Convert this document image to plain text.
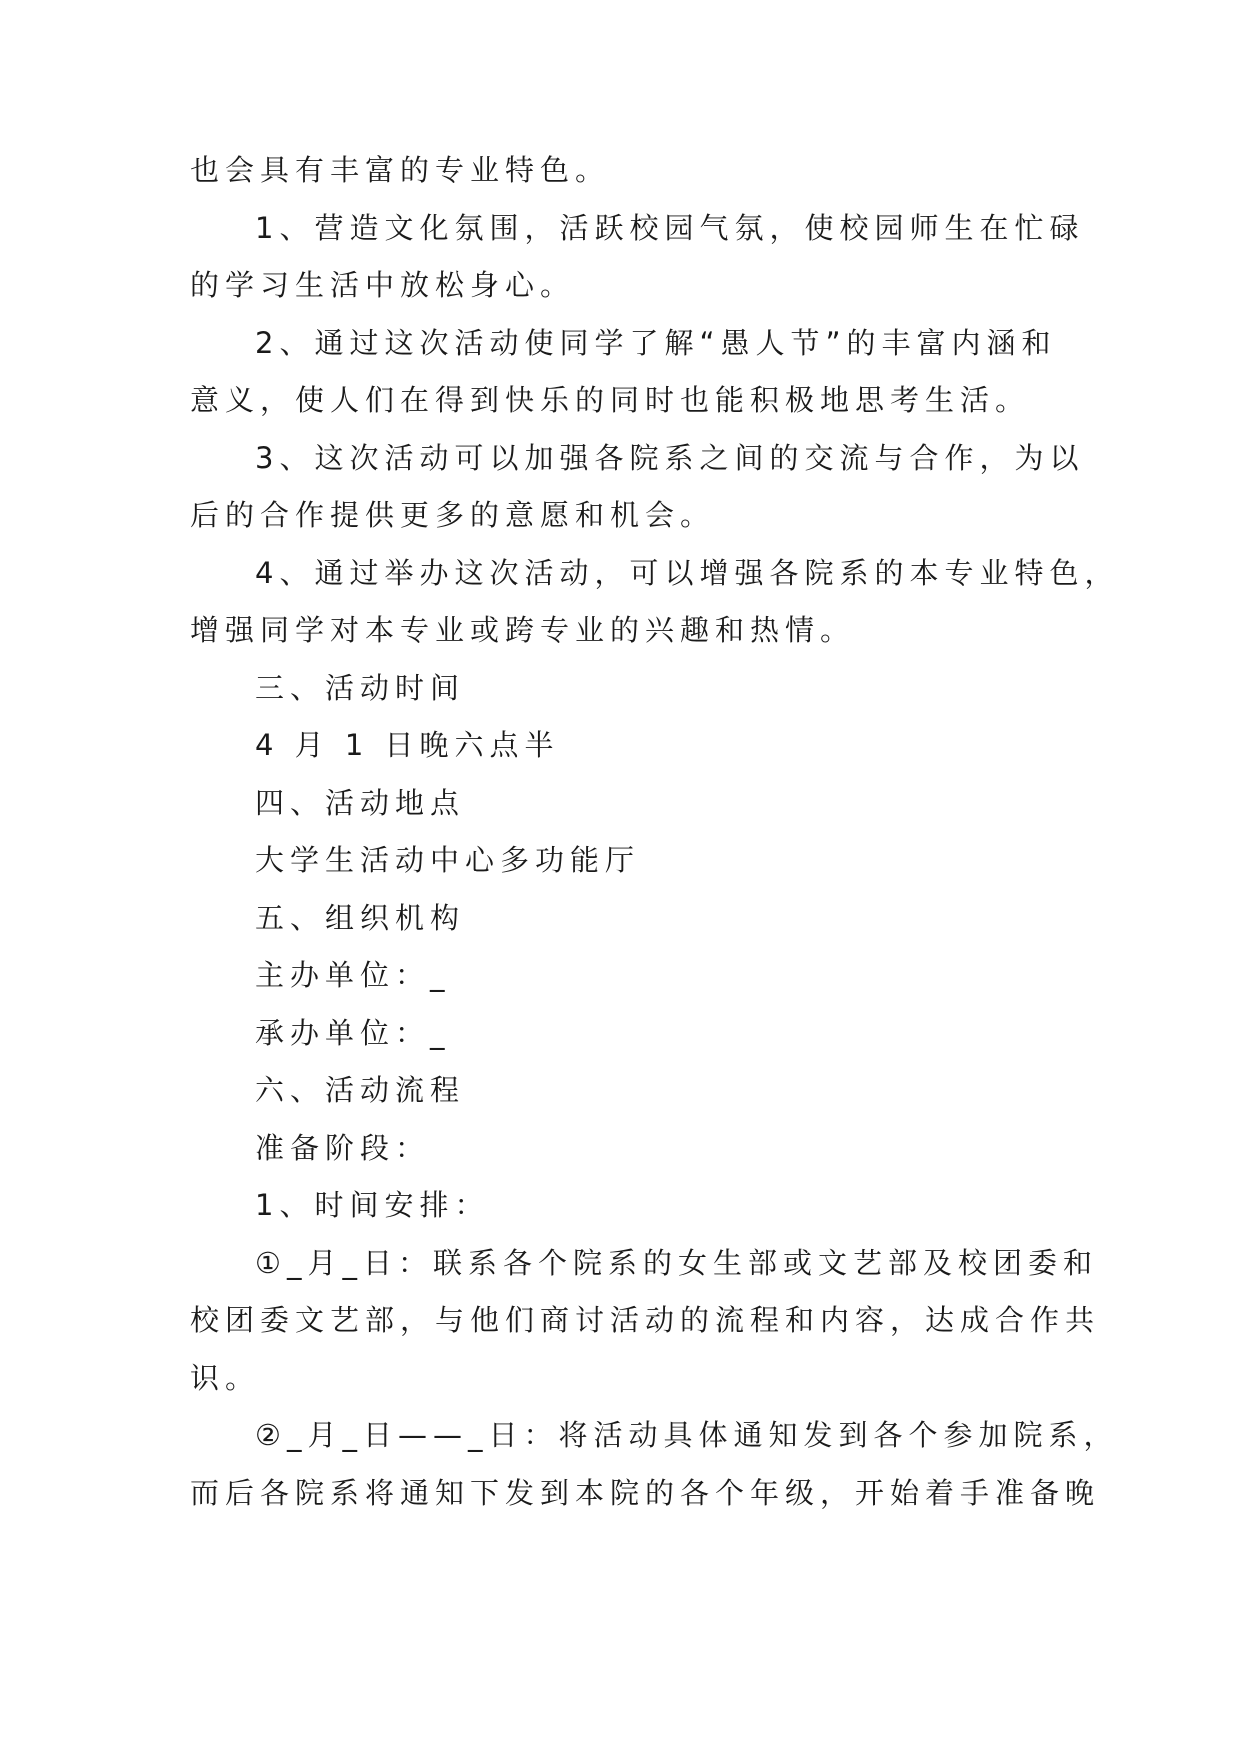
也会具有丰富的专业特色。
1、营造文化氛围，活跃校园气氛，使校园师生在忙碌
的学习生活中放松身心。
2、通过这次活动使同学了解“愚人节”的丰富内涵和
意义，使人们在得到快乐的同时也能积极地思考生活。
3、这次活动可以加强各院系之间的交流与合作，为以
后的合作提供更多的意愿和机会。
4、通过举办这次活动，可以增强各院系的本专业特色，
增强同学对本专业或跨专业的兴趣和热情。
三、活动时间
4 月 1 日晚六点半
四、活动地点
大学生活动中心多功能厅
五、组织机构
主办单位：_
承办单位：_
六、活动流程
准备阶段：
1、时间安排：
①_月_日：联系各个院系的女生部或文艺部及校团委和
校团委文艺部，与他们商讨活动的流程和内容，达成合作共
识。
②_月_日——_日：将活动具体通知发到各个参加院系，
而后各院系将通知下发到本院的各个年级，开始着手准备晚
